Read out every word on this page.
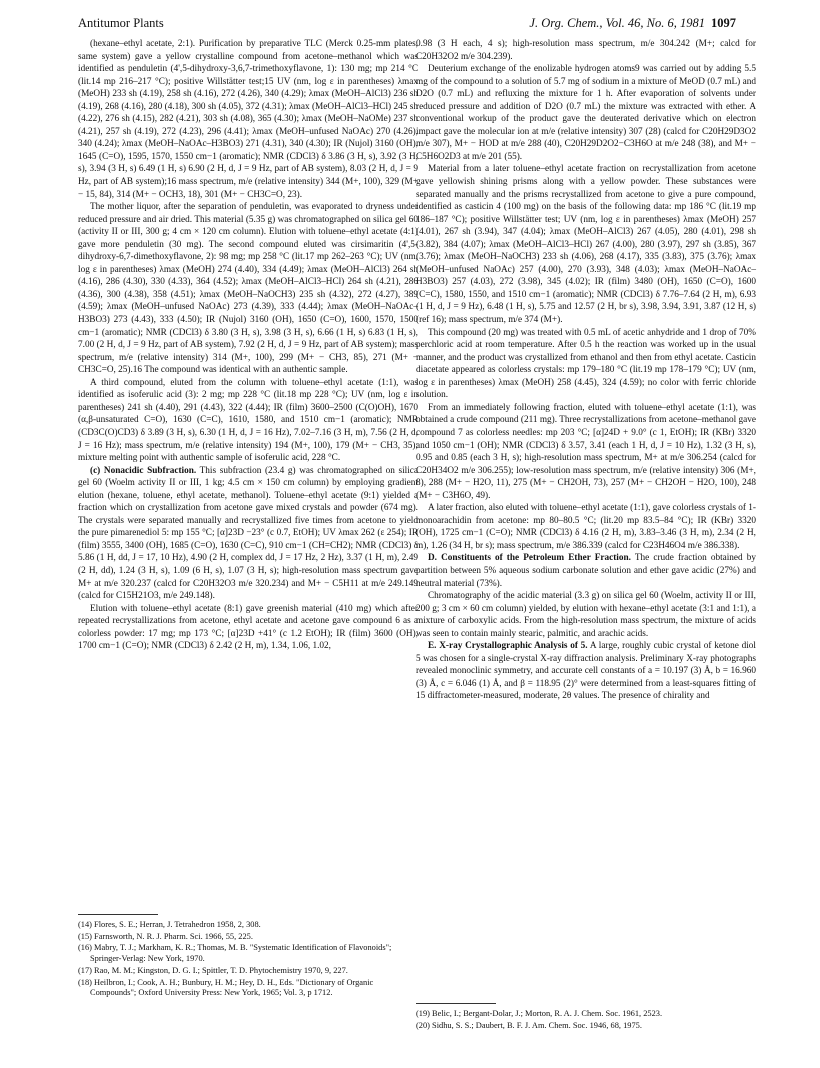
Antitumor Plants	J. Org. Chem., Vol. 46, No. 6, 1981 1097

(hexane–ethyl acetate, 2:1). Purification by preparative TLC (Merck 0.25-mm plates, same system) gave a yellow crystalline compound from acetone–methanol which was identified as penduletin (4',5-dihydroxy-3,6,7-trimethoxyflavone, 1): 130 mg; mp 214 °C (lit.14 mp 216–217 °C); positive Willstätter test;15 UV (nm, log ε in parentheses) λmax (MeOH) 233 sh (4.19), 258 sh (4.16), 272 (4.26), 340 (4.29); λmax (MeOH–AlCl3) 236 sh (4.19), 268 (4.16), 280 (4.18), 300 sh (4.05), 372 (4.31); λmax (MeOH–AlCl3–HCl) 245 sh (4.22), 276 sh (4.15), 282 (4.21), 303 sh (4.08), 365 (4.30); λmax (MeOH–NaOMe) 237 sh (4.21), 257 sh (4.19), 272 (4.23), 296 (4.41); λmax (MeOH–unfused NaOAc) 270 (4.26), 340 (4.24); λmax (MeOH–NaOAc–H3BO3) 271 (4.31), 340 (4.30); IR (Nujol) 3160 (OH), 1645 (C=O), 1595, 1570, 1550 cm−1 (aromatic); NMR (CDCl3) δ 3.86 (3 H, s), 3.92 (3 H, s), 3.94 (3 H, s) 6.49 (1 H, s) 6.90 (2 H, d, J = 9 Hz, part of AB system), 8.03 (2 H, d, J = 9 Hz, part of AB system);16 mass spectrum, m/e (relative intensity) 344 (M+, 100), 329 (M+ − 15, 84), 314 (M+ − OCH3, 18), 301 (M+ − CH3C=O, 23).

The mother liquor, after the separation of penduletin, was evaporated to dryness under reduced pressure and air dried. This material (5.35 g) was chromatographed on silica gel 60 (activity II or III, 300 g; 4 cm × 120 cm column). Elution with toluene–ethyl acetate (4:1) gave more penduletin (30 mg). The second compound eluted was cirsimaritin (4',5-dihydroxy-6,7-dimethoxyflavone, 2): 98 mg; mp 258 °C (lit.17 mp 262–263 °C); UV (nm, log ε in parentheses) λmax (MeOH) 274 (4.40), 334 (4.49); λmax (MeOH–AlCl3) 264 sh (4.16), 286 (4.30), 330 (4.33), 364 (4.52); λmax (MeOH–AlCl3–HCl) 264 sh (4.21), 286 (4.36), 300 (4.38), 358 (4.51); λmax (MeOH–NaOCH3) 235 sh (4.32), 272 (4.27), 389 (4.59); λmax (MeOH–unfused NaOAc) 273 (4.39), 333 (4.44); λmax (MeOH–NaOAc–H3BO3) 273 (4.43), 333 (4.50); IR (Nujol) 3160 (OH), 1650 (C=O), 1600, 1570, 1500 cm−1 (aromatic); NMR (CDCl3) δ 3.80 (3 H, s), 3.98 (3 H, s), 6.66 (1 H, s) 6.83 (1 H, s), 7.00 (2 H, d, J = 9 Hz, part of AB system), 7.92 (2 H, d, J = 9 Hz, part of AB system); mass spectrum, m/e (relative intensity) 314 (M+, 100), 299 (M+ − CH3, 85), 271 (M+ − CH3C=O, 25).16 The compound was identical with an authentic sample.

A third compound, eluted from the column with toluene–ethyl acetate (1:1), was identified as isoferulic acid (3): 2 mg; mp 228 °C (lit.18 mp 228 °C); UV (nm, log ε in parentheses) 241 sh (4.40), 291 (4.43), 322 (4.44); IR (film) 3600–2500 (C(O)OH), 1670 (α,β-unsaturated C=O), 1630 (C=C), 1610, 1580, and 1510 cm−1 (aromatic); NMR (CD3C(O)CD3) δ 3.89 (3 H, s), 6.30 (1 H, d, J = 16 Hz), 7.02–7.16 (3 H, m), 7.56 (2 H, d, J = 16 Hz); mass spectrum, m/e (relative intensity) 194 (M+, 100), 179 (M+ − CH3, 35); mixture melting point with authentic sample of isoferulic acid, 228 °C.

(c) Nonacidic Subfraction. This subfraction (23.4 g) was chromatographed on silica gel 60 (Woelm activity II or III, 1 kg; 4.5 cm × 150 cm column) by employing gradient elution (hexane, toluene, ethyl acetate, methanol). Toluene–ethyl acetate (9:1) yielded a fraction which on crystallization from acetone gave mixed crystals and powder (674 mg). The crystals were separated manually and recrystallized five times from acetone to yield the pure pimarenediol 5: mp 155 °C; [α]23D −23° (c 0.7, EtOH); UV λmax 262 (ε 254); IR (film) 3555, 3400 (OH), 1685 (C=O), 1630 (C=C), 910 cm−1 (CH=CH2); NMR (CDCl3) δ 5.86 (1 H, dd, J = 17, 10 Hz), 4.90 (2 H, complex dd, J = 17 Hz, 2 Hz), 3.37 (1 H, m), 2.49 (2 H, dd), 1.24 (3 H, s), 1.09 (6 H, s), 1.07 (3 H, s); high-resolution mass spectrum gave M+ at m/e 320.237 (calcd for C20H32O3 m/e 320.234) and M+ − C5H11 at m/e 249.149 (calcd for C15H21O3, m/e 249.148).

Elution with toluene–ethyl acetate (8:1) gave greenish material (410 mg) which after repeated recrystallizations from acetone, ethyl acetate and acetone gave compound 6 as a colorless powder: 17 mg; mp 173 °C; [α]23D +41° (c 1.2 EtOH); IR (film) 3600 (OH), 1700 cm−1 (C=O); NMR (CDCl3) δ 2.42 (2 H, m), 1.34, 1.06, 1.02,

0.98 (3 H each, 4 s); high-resolution mass spectrum, m/e 304.242 (M+; calcd for C20H32O2 m/e 304.239).

Deuterium exchange of the enolizable hydrogen atoms9 was carried out by adding 5.5 mg of the compound to a solution of 5.7 mg of sodium in a mixture of MeOD (0.7 mL) and D2O (0.7 mL) and refluxing the mixture for 1 h. After evaporation of solvents under reduced pressure and addition of D2O (0.7 mL) the mixture was extracted with ether. A conventional workup of the product gave the deuterated derivative which on electron impact gave the molecular ion at m/e (relative intensity) 307 (28) (calcd for C20H29D3O2 m/e 307), M+ − HOD at m/e 288 (40), C20H29D2O2−C3H6O at m/e 248 (38), and M+ − C5H6O2D3 at m/e 201 (55).

Material from a later toluene–ethyl acetate fraction on recrystallization from acetone gave yellowish shining prisms along with a yellow powder. These substances were separated manually and the prisms recrystallized from acetone to give a pure compound, identified as casticin 4 (100 mg) on the basis of the following data: mp 186 °C (lit.19 mp 186–187 °C); positive Willstätter test; UV (nm, log ε in parentheses) λmax (MeOH) 257 (4.01), 267 sh (3.94), 347 (4.04); λmax (MeOH–AlCl3) 267 (4.05), 280 (4.01), 298 sh (3.82), 384 (4.07); λmax (MeOH–AlCl3–HCl) 267 (4.00), 280 (3.97), 297 sh (3.85), 367 (3.76); λmax (MeOH–NaOCH3) 233 sh (4.06), 268 (4.17), 335 (3.83), 375 (3.76); λmax (MeOH–unfused NaOAc) 257 (4.00), 270 (3.93), 348 (4.03); λmax (MeOH–NaOAc–H3BO3) 257 (4.03), 272 (3.98), 345 (4.02); IR (film) 3480 (OH), 1650 (C=O), 1600 (C=C), 1580, 1550, and 1510 cm−1 (aromatic); NMR (CDCl3) δ 7.76–7.64 (2 H, m), 6.93 (1 H, d, J = 9 Hz), 6.48 (1 H, s), 5.75 and 12.57 (2 H, br s), 3.98, 3.94, 3.91, 3.87 (12 H, s) (ref 16); mass spectrum, m/e 374 (M+).

This compound (20 mg) was treated with 0.5 mL of acetic anhydride and 1 drop of 70% perchloric acid at room temperature. After 0.5 h the reaction was worked up in the usual manner, and the product was crystallized from ethanol and then from ethyl acetate. Casticin diacetate appeared as colorless crystals: mp 179–180 °C (lit.19 mp 178–179 °C); UV (nm, log ε in parentheses) λmax (MeOH) 258 (4.45), 324 (4.59); no color with ferric chloride solution.

From an immediately following fraction, eluted with toluene–ethyl acetate (1:1), was obtained a crude compound (211 mg). Three recrystallizations from acetone–methanol gave compound 7 as colorless needles: mp 203 °C; [α]24D + 9.0° (c 1, EtOH); IR (KBr) 3320 and 1050 cm−1 (OH); NMR (CDCl3) δ 3.57, 3.41 (each 1 H, d, J = 10 Hz), 1.32 (3 H, s), 0.95 and 0.85 (each 3 H, s); high-resolution mass spectrum, M+ at m/e 306.254 (calcd for C20H34O2 m/e 306.255); low-resolution mass spectrum, m/e (relative intensity) 306 (M+, 8), 288 (M+ − H2O, 11), 275 (M+ − CH2OH, 73), 257 (M+ − CH2OH − H2O, 100), 248 (M+ − C3H6O, 49).

A later fraction, also eluted with toluene–ethyl acetate (1:1), gave colorless crystals of 1-monoarachidin from acetone: mp 80–80.5 °C; (lit.20 mp 83.5–84 °C); IR (KBr) 3320 (OH), 1725 cm−1 (C=O); NMR (CDCl3) δ 4.16 (2 H, m), 3.83–3.46 (3 H, m), 2.34 (2 H, m), 1.26 (34 H, br s); mass spectrum, m/e 386.339 (calcd for C23H46O4 m/e 386.338).

D. Constituents of the Petroleum Ether Fraction. The crude fraction obtained by partition between 5% aqueous sodium carbonate solution and ether gave acidic (27%) and neutral material (73%).

Chromatography of the acidic material (3.3 g) on silica gel 60 (Woelm, activity II or III, 200 g; 3 cm × 60 cm column) yielded, by elution with hexane–ethyl acetate (3:1 and 1:1), a mixture of carboxylic acids. From the high-resolution mass spectrum, the mixture of acids was seen to contain mainly stearic, palmitic, and arachic acids.

E. X-ray Crystallographic Analysis of 5. A large, roughly cubic crystal of ketone diol 5 was chosen for a single-crystal X-ray diffraction analysis. Preliminary X-ray photographs revealed monoclinic symmetry, and accurate cell constants of a = 10.197 (3) Å, b = 16.960 (3) Å, c = 6.046 (1) Å, and β = 118.95 (2)° were determined from a least-squares fitting of 15 diffractometer-measured, moderate, 2θ values. The presence of chirality and

(14) Flores, S. E.; Herran, J. Tetrahedron 1958, 2, 308.

(15) Farnsworth, N. R. J. Pharm. Sci. 1966, 55, 225.

(16) Mabry, T. J.; Markham, K. R.; Thomas, M. B. "Systematic Identification of Flavonoids"; Springer-Verlag: New York, 1970.

(17) Rao, M. M.; Kingston, D. G. I.; Spittler, T. D. Phytochemistry 1970, 9, 227.

(18) Heilbron, I.; Cook, A. H.; Bunbury, H. M.; Hey, D. H., Eds. "Dictionary of Organic Compounds"; Oxford University Press: New York, 1965; Vol. 3, p 1712.

(19) Belic, I.; Bergant-Dolar, J.; Morton, R. A. J. Chem. Soc. 1961, 2523.

(20) Sidhu, S. S.; Daubert, B. F. J. Am. Chem. Soc. 1946, 68, 1975.
